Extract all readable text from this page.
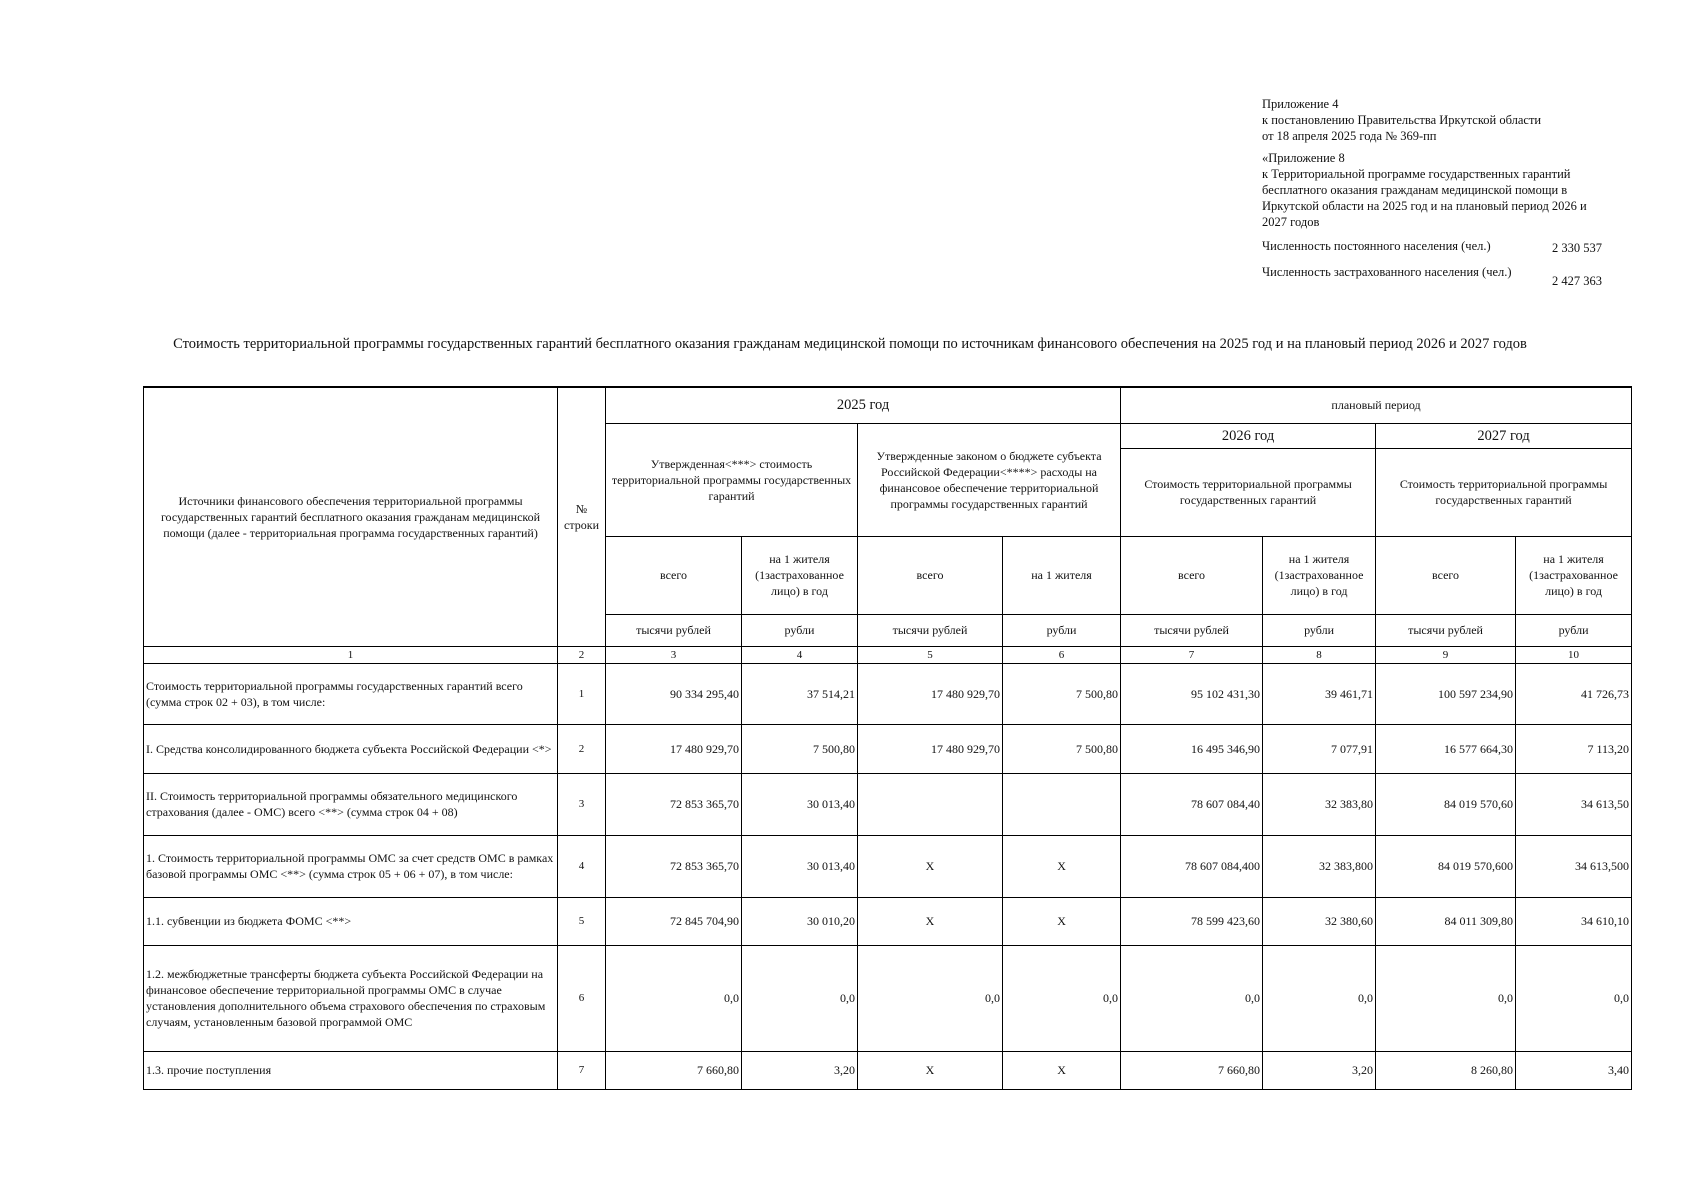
Приложение 4
к постановлению Правительства Иркутской области
от 18 апреля 2025 года № 369-пп
«Приложение 8
к Территориальной программе государственных гарантий
бесплатного оказания гражданам медицинской помощи в
Иркутской области на 2025 год и на плановый период 2026 и
2027 годов
Численность постоянного населения (чел.)	2 330 537
Численность застрахованного населения (чел.)
2 427 363
Стоимость территориальной программы государственных гарантий бесплатного оказания гражданам медицинской помощи по источникам финансового обеспечения на 2025 год и на плановый период 2026 и 2027 годов
Источники финансового обеспечения территориальной программы государственных гарантий бесплатного оказания гражданам медицинской помощи (далее - территориальная программа государственных гарантий)	№ строки	2025 год				плановый период			
		Утвержденная<***> стоимость территориальной программы государственных гарантий		Утвержденные законом о бюджете субъекта Российской Федерации<****> расходы на финансовое обеспечение территориальной программы государственных гарантий		2026 год		2027 год	
						Стоимость территориальной программы государственных гарантий		Стоимость территориальной программы государственных гарантий	
		всего	на 1 жителя (1застрахованное лицо) в год	всего	на 1 жителя	всего	на 1 жителя (1застрахованное лицо) в год	всего	на 1 жителя (1застрахованное лицо) в год
		тысячи рублей	рубли	тысячи рублей	рубли	тысячи рублей	рубли	тысячи рублей	рубли
1	2	3	4	5	6	7	8	9	10
Стоимость территориальной программы государственных гарантий всего (сумма строк 02 + 03), в том числе:	1	90 334 295,40	37 514,21	17 480 929,70	7 500,80	95 102 431,30	39 461,71	100 597 234,90	41 726,73
I. Средства консолидированного бюджета субъекта Российской Федерации <*>	2	17 480 929,70	7 500,80	17 480 929,70	7 500,80	16 495 346,90	7 077,91	16 577 664,30	7 113,20
II. Стоимость территориальной программы обязательного медицинского страхования (далее - ОМС) всего <**> (сумма строк 04 + 08)	3	72 853 365,70	30 013,40			78 607 084,40	32 383,80	84 019 570,60	34 613,50
1. Стоимость территориальной программы ОМС за счет средств ОМС в рамках базовой программы ОМС <**> (сумма строк 05 + 06 + 07), в том числе:	4	72 853 365,70	30 013,40	X	X	78 607 084,400	32 383,800	84 019 570,600	34 613,500
1.1. субвенции из бюджета ФОМС <**>	5	72 845 704,90	30 010,20	X	X	78 599 423,60	32 380,60	84 011 309,80	34 610,10
1.2. межбюджетные трансферты бюджета субъекта Российской Федерации на финансовое обеспечение территориальной программы ОМС в случае установления дополнительного объема страхового обеспечения по страховым случаям, установленным базовой программой ОМС	6	0,0	0,0	0,0	0,0	0,0	0,0	0,0	0,0
1.3. прочие поступления	7	7 660,80	3,20	X	X	7 660,80	3,20	8 260,80	3,40
